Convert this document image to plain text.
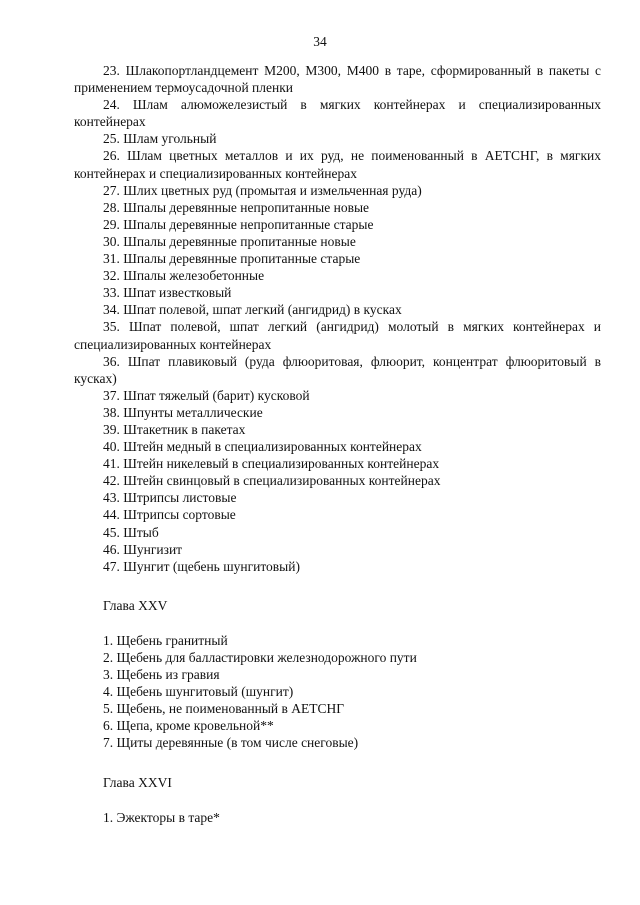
34

23. Шлакопортландцемент М200, М300, М400 в таре, сформированный в пакеты с применением термоусадочной пленки

24. Шлам алюможелезистый в мягких контейнерах и специализированных контейнерах

25. Шлам угольный

26. Шлам цветных металлов и их руд, не поименованный в АЕТСНГ, в мягких контейнерах и специализированных контейнерах

27. Шлих цветных руд (промытая и измельченная руда)

28. Шпалы деревянные непропитанные новые

29. Шпалы деревянные непропитанные старые

30. Шпалы деревянные пропитанные новые

31. Шпалы деревянные пропитанные старые

32. Шпалы железобетонные

33. Шпат известковый

34. Шпат полевой, шпат легкий (ангидрид) в кусках

35. Шпат полевой, шпат легкий (ангидрид) молотый в мягких контейнерах и специализированных контейнерах

36. Шпат плавиковый (руда флюоритовая, флюорит, концентрат флюоритовый в кусках)

37. Шпат тяжелый (барит) кусковой

38. Шпунты металлические

39. Штакетник в пакетах

40. Штейн медный в специализированных контейнерах

41. Штейн никелевый в специализированных контейнерах

42. Штейн свинцовый в специализированных контейнерах

43. Штрипсы листовые

44. Штрипсы сортовые

45. Штыб

46. Шунгизит

47. Шунгит (щебень шунгитовый)

Глава XXV

1. Щебень гранитный

2. Щебень для балластировки железнодорожного пути

3. Щебень из гравия

4. Щебень шунгитовый (шунгит)

5. Щебень, не поименованный в АЕТСНГ

6. Щепа, кроме кровельной**

7. Щиты деревянные (в том числе снеговые)

Глава XXVI

1. Эжекторы в таре*
